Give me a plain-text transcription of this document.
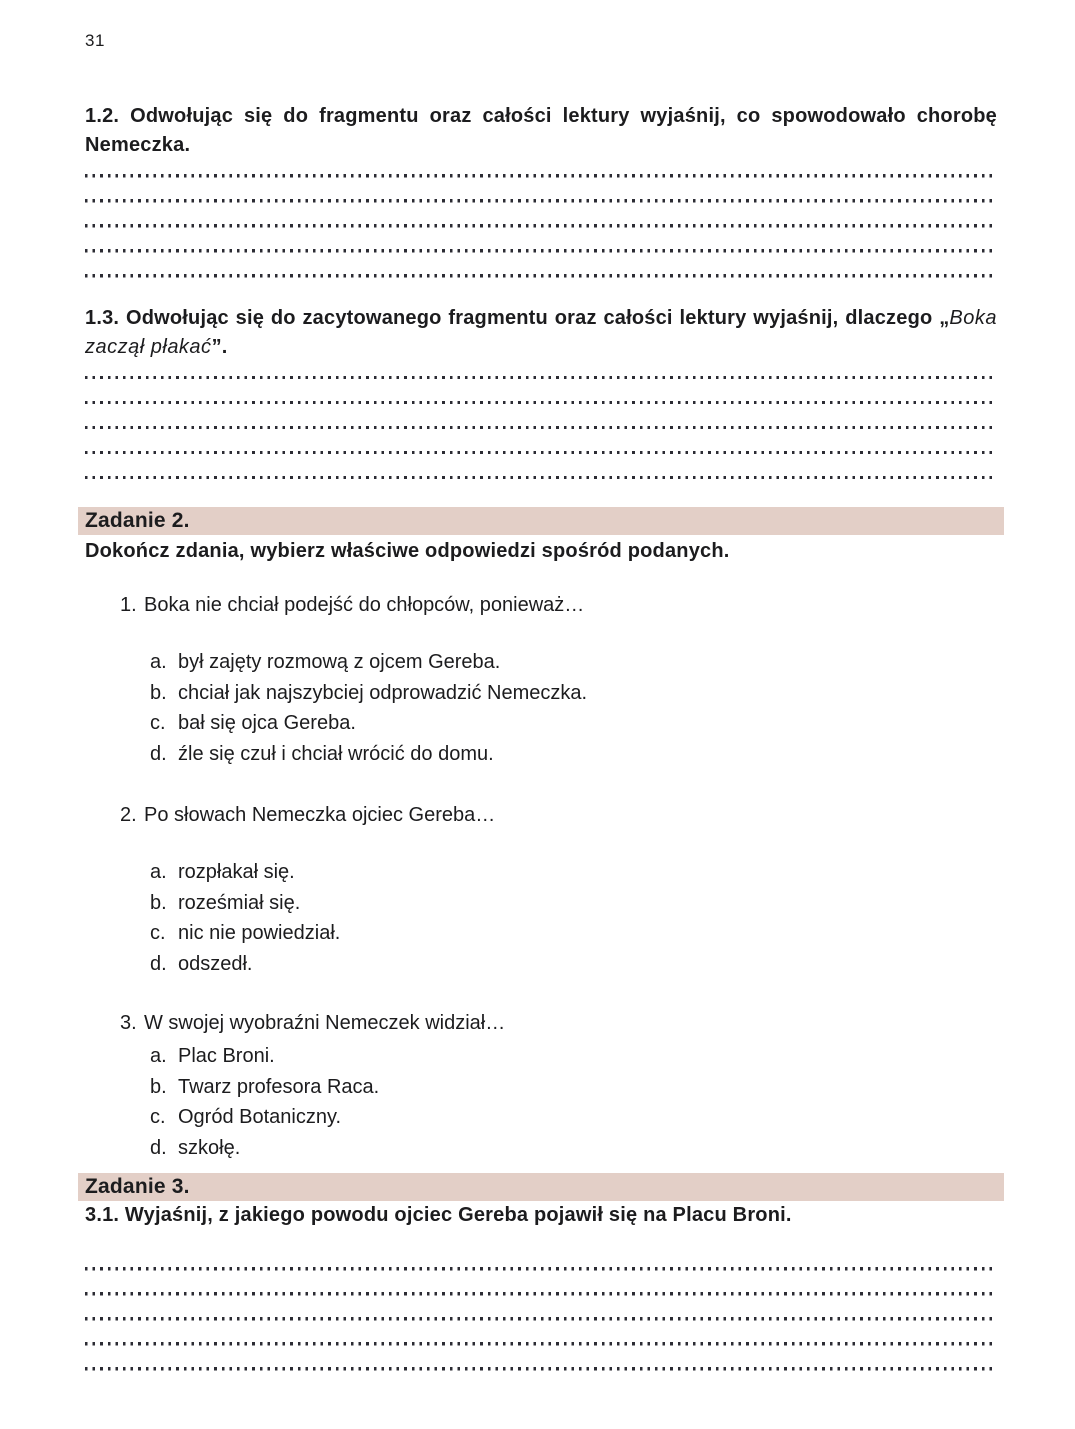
31

1.2. Odwołując się do fragmentu oraz całości lektury wyjaśnij, co spowodowało chorobę Nemeczka.

1.3. Odwołując się do zacytowanego fragmentu oraz całości lektury wyjaśnij, dlaczego „Boka zaczął płakać”.

Zadanie 2.

Dokończ zdania, wybierz właściwe odpowiedzi spośród podanych.

1. Boka nie chciał podejść do chłopców, ponieważ…
a. był zajęty rozmową z ojcem Gereba.
b. chciał jak najszybciej odprowadzić Nemeczka.
c. bał się ojca Gereba.
d. źle się czuł i chciał wrócić do domu.
2. Po słowach Nemeczka ojciec Gereba…
a. rozpłakał się.
b. roześmiał się.
c. nic nie powiedział.
d. odszedł.
3. W swojej wyobraźni Nemeczek widział…
a. Plac Broni.
b. Twarz profesora Raca.
c. Ogród Botaniczny.
d. szkołę.
Zadanie 3.

3.1. Wyjaśnij, z jakiego powodu ojciec Gereba pojawił się na Placu Broni.
